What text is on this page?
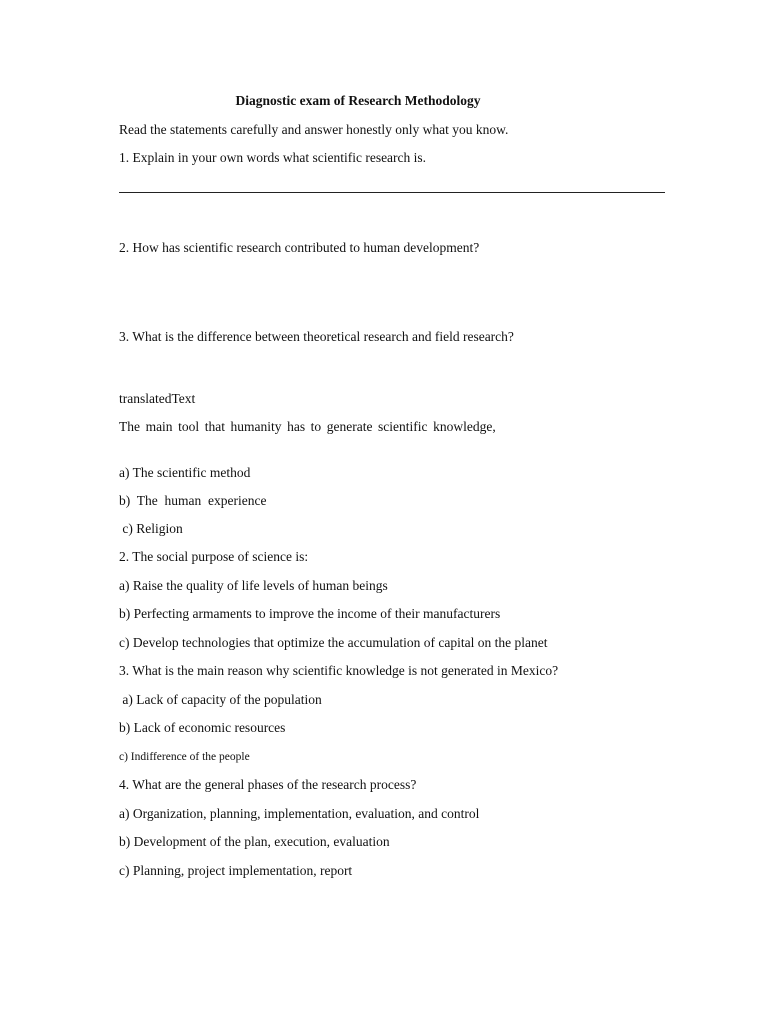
Diagnostic exam of Research Methodology
Read the statements carefully and answer honestly only what you know.
1. Explain in your own words what scientific research is.
2. How has scientific research contributed to human development?
3. What is the difference between theoretical research and field research?
translatedText
The main tool that humanity has to generate scientific knowledge,
a) The scientific method
b)  The  human  experience
c) Religion
2. The social purpose of science is:
a) Raise the quality of life levels of human beings
b) Perfecting armaments to improve the income of their manufacturers
c) Develop technologies that optimize the accumulation of capital on the planet
3. What is the main reason why scientific knowledge is not generated in Mexico?
a) Lack of capacity of the population
b) Lack of economic resources
c) Indifference of the people
4. What are the general phases of the research process?
a) Organization, planning, implementation, evaluation, and control
b) Development of the plan, execution, evaluation
c) Planning, project implementation, report
